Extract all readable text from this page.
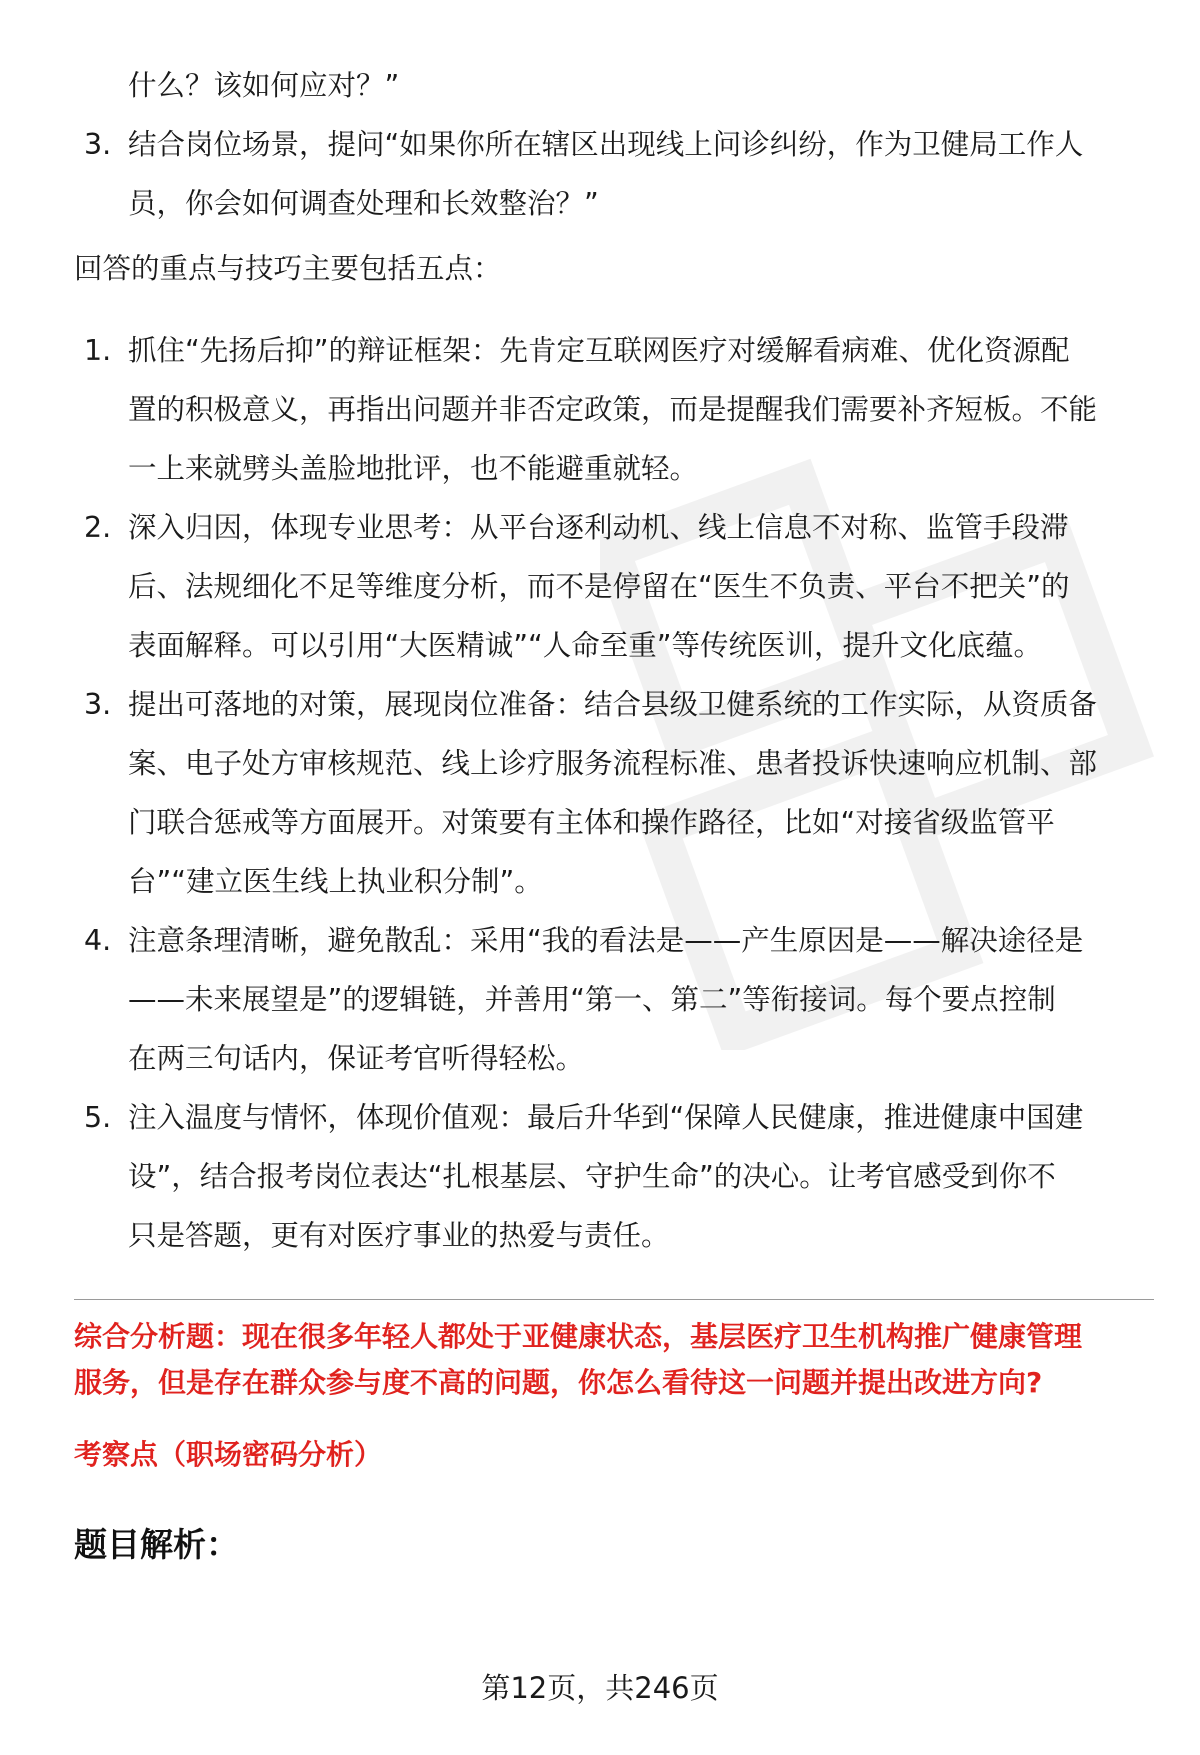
什么？该如何应对？”

3. 结合岗位场景，提问“如果你所在辖区出现线上问诊纠纷，作为卫健局工作人
员，你会如何调查处理和长效整治？”

回答的重点与技巧主要包括五点：

1. 抓住“先扬后抑”的辩证框架：先肯定互联网医疗对缓解看病难、优化资源配
置的积极意义，再指出问题并非否定政策，而是提醒我们需要补齐短板。不能
一上来就劈头盖脸地批评，也不能避重就轻。
2. 深入归因，体现专业思考：从平台逐利动机、线上信息不对称、监管手段滞
后、法规细化不足等维度分析，而不是停留在“医生不负责、平台不把关”的
表面解释。可以引用“大医精诚”“人命至重”等传统医训，提升文化底蕴。
3. 提出可落地的对策，展现岗位准备：结合县级卫健系统的工作实际，从资质备
案、电子处方审核规范、线上诊疗服务流程标准、患者投诉快速响应机制、部
门联合惩戒等方面展开。对策要有主体和操作路径，比如“对接省级监管平
台”“建立医生线上执业积分制”。
4. 注意条理清晰，避免散乱：采用“我的看法是——产生原因是——解决途径是
——未来展望是”的逻辑链，并善用“第一、第二”等衔接词。每个要点控制
在两三句话内，保证考官听得轻松。
5. 注入温度与情怀，体现价值观：最后升华到“保障人民健康，推进健康中国建
设”，结合报考岗位表达“扎根基层、守护生命”的决心。让考官感受到你不
只是答题，更有对医疗事业的热爱与责任。

综合分析题：现在很多年轻人都处于亚健康状态，基层医疗卫生机构推广健康管理

服务，但是存在群众参与度不高的问题，你怎么看待这一问题并提出改进方向?

考察点（职场密码分析）

题目解析：

第12页，共246页
